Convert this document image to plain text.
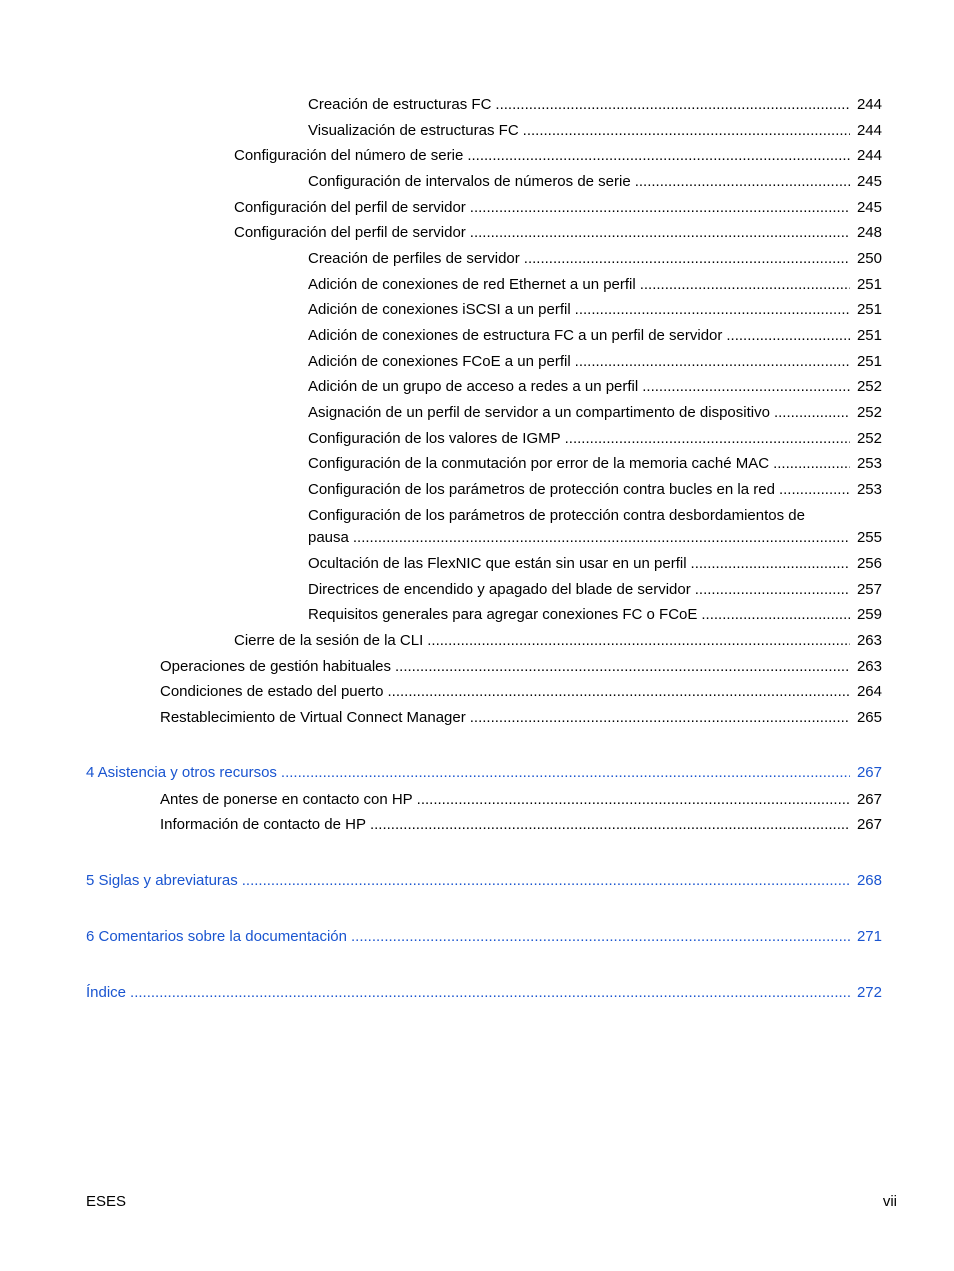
Creación de estructuras FC .....	244
Visualización de estructuras FC .....	244
Configuración del número de serie .....	244
Configuración de intervalos de números de serie .....	245
Configuración del perfil de servidor .....	245
Configuración del perfil de servidor .....	248
Creación de perfiles de servidor .....	250
Adición de conexiones de red Ethernet a un perfil .....	251
Adición de conexiones iSCSI a un perfil .....	251
Adición de conexiones de estructura FC a un perfil de servidor .....	251
Adición de conexiones FCoE a un perfil .....	251
Adición de un grupo de acceso a redes a un perfil .....	252
Asignación de un perfil de servidor a un compartimento de dispositivo .....	252
Configuración de los valores de IGMP .....	252
Configuración de la conmutación por error de la memoria caché MAC .....	253
Configuración de los parámetros de protección contra bucles en la red .....	253
Configuración de los parámetros de protección contra desbordamientos de
pausa .....	255
Ocultación de las FlexNIC que están sin usar en un perfil .....	256
Directrices de encendido y apagado del blade de servidor .....	257
Requisitos generales para agregar conexiones FC o FCoE .....	259
Cierre de la sesión de la CLI .....	263
Operaciones de gestión habituales .....	263
Condiciones de estado del puerto .....	264
Restablecimiento de Virtual Connect Manager .....	265
4 Asistencia y otros recursos .....	267
Antes de ponerse en contacto con HP .....	267
Información de contacto de HP .....	267
5 Siglas y abreviaturas .....	268
6 Comentarios sobre la documentación .....	271
Índice .....	272
ESES	vii
